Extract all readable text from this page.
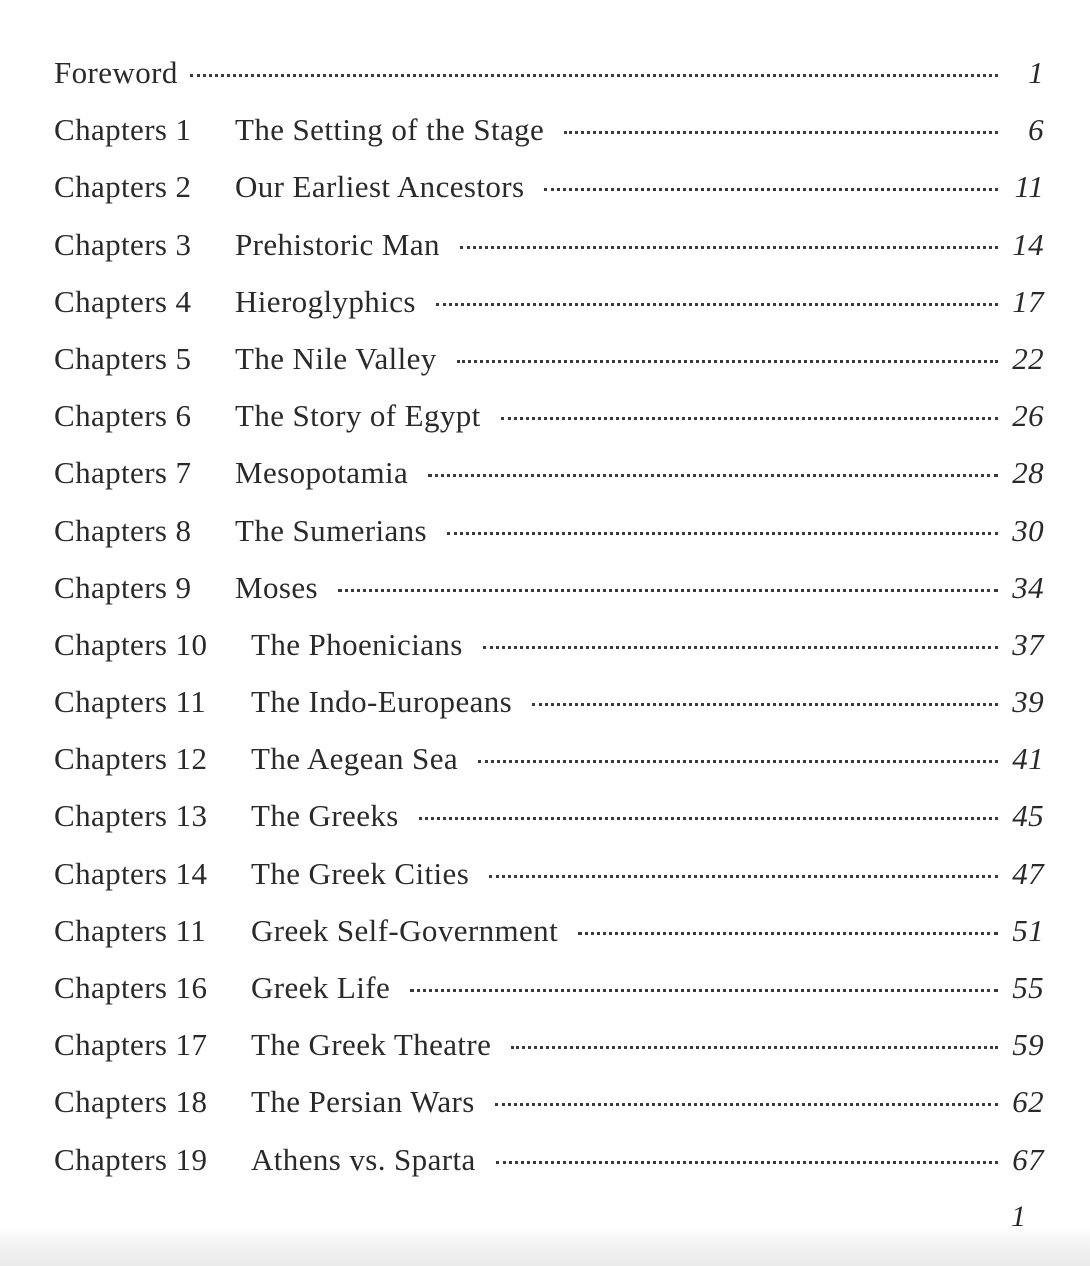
Foreword	1
Chapters 1	The Setting of the Stage	6
Chapters 2	Our Earliest Ancestors	11
Chapters 3	Prehistoric Man	14
Chapters 4	Hieroglyphics	17
Chapters 5	The Nile Valley	22
Chapters 6	The Story of Egypt	26
Chapters 7	Mesopotamia	28
Chapters 8	The Sumerians	30
Chapters 9	Moses	34
Chapters 10	The Phoenicians	37
Chapters 11	The Indo-Europeans	39
Chapters 12	The Aegean Sea	41
Chapters 13	The Greeks	45
Chapters 14	The Greek Cities	47
Chapters 11	Greek Self-Government	51
Chapters 16	Greek Life	55
Chapters 17	The Greek Theatre	59
Chapters 18	The Persian Wars	62
Chapters 19	Athens vs. Sparta	67
1
